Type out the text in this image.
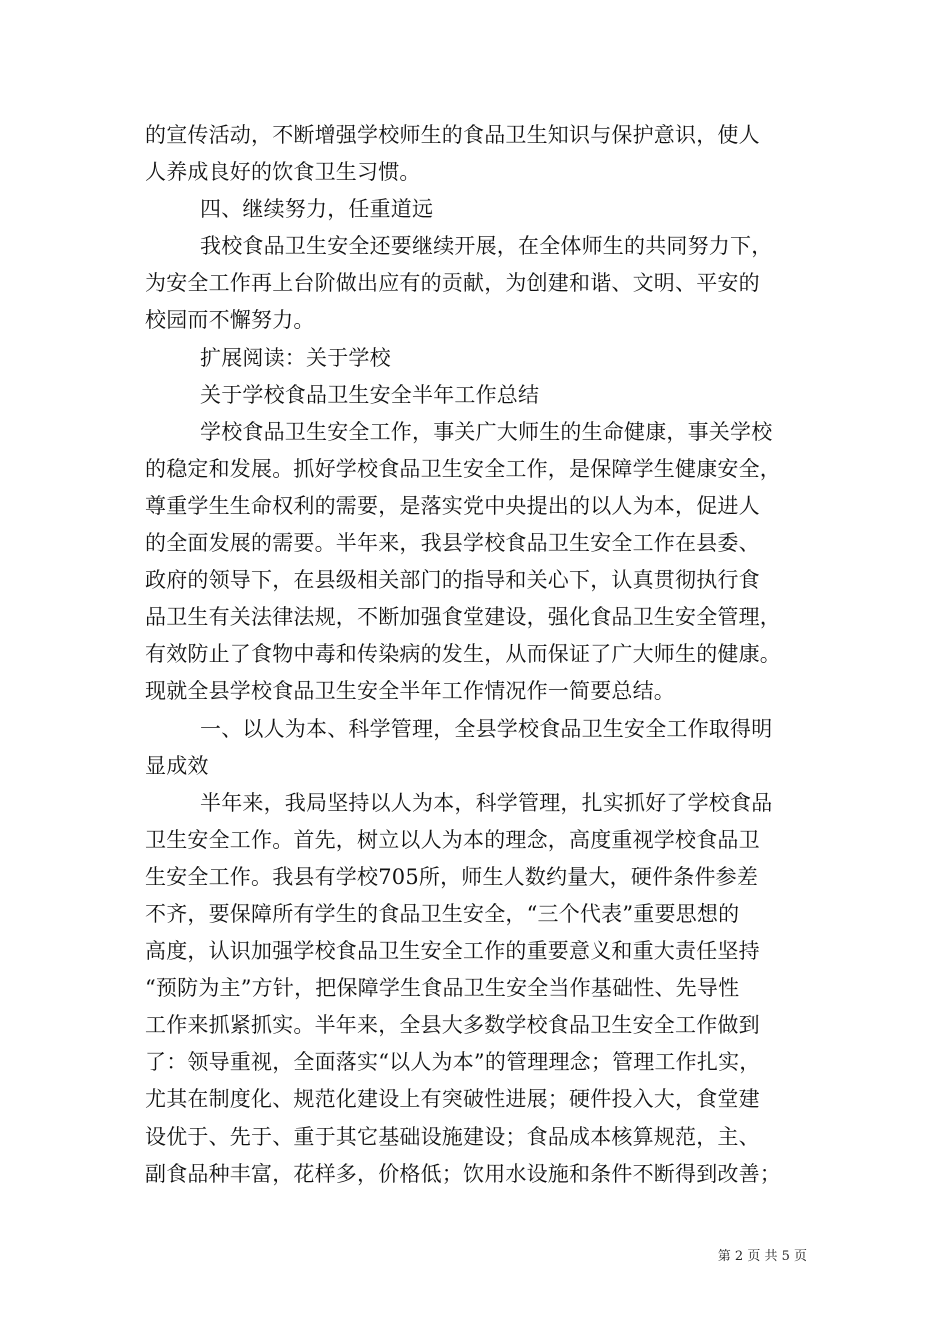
的宣传活动，不断增强学校师生的食品卫生知识与保护意识，使人
人养成良好的饮食卫生习惯。
四、继续努力，任重道远
我校食品卫生安全还要继续开展，在全体师生的共同努力下，
为安全工作再上台阶做出应有的贡献，为创建和谐、文明、平安的
校园而不懈努力。
扩展阅读：关于学校
关于学校食品卫生安全半年工作总结
学校食品卫生安全工作，事关广大师生的生命健康，事关学校
的稳定和发展。抓好学校食品卫生安全工作，是保障学生健康安全，
尊重学生生命权利的需要，是落实党中央提出的以人为本，促进人
的全面发展的需要。半年来，我县学校食品卫生安全工作在县委、
政府的领导下，在县级相关部门的指导和关心下，认真贯彻执行食
品卫生有关法律法规，不断加强食堂建设，强化食品卫生安全管理，
有效防止了食物中毒和传染病的发生，从而保证了广大师生的健康。
现就全县学校食品卫生安全半年工作情况作一简要总结。
一、以人为本、科学管理，全县学校食品卫生安全工作取得明
显成效
半年来，我局坚持以人为本，科学管理，扎实抓好了学校食品
卫生安全工作。首先，树立以人为本的理念，高度重视学校食品卫
生安全工作。我县有学校705所，师生人数约量大，硬件条件参差
不齐，要保障所有学生的食品卫生安全，“三个代表”重要思想的
高度，认识加强学校食品卫生安全工作的重要意义和重大责任坚持
“预防为主”方针，把保障学生食品卫生安全当作基础性、先导性
工作来抓紧抓实。半年来，全县大多数学校食品卫生安全工作做到
了：领导重视，全面落实“以人为本”的管理理念；管理工作扎实，
尤其在制度化、规范化建设上有突破性进展；硬件投入大，食堂建
设优于、先于、重于其它基础设施建设；食品成本核算规范，主、
副食品种丰富，花样多，价格低；饮用水设施和条件不断得到改善；
第 2 页 共 5 页
